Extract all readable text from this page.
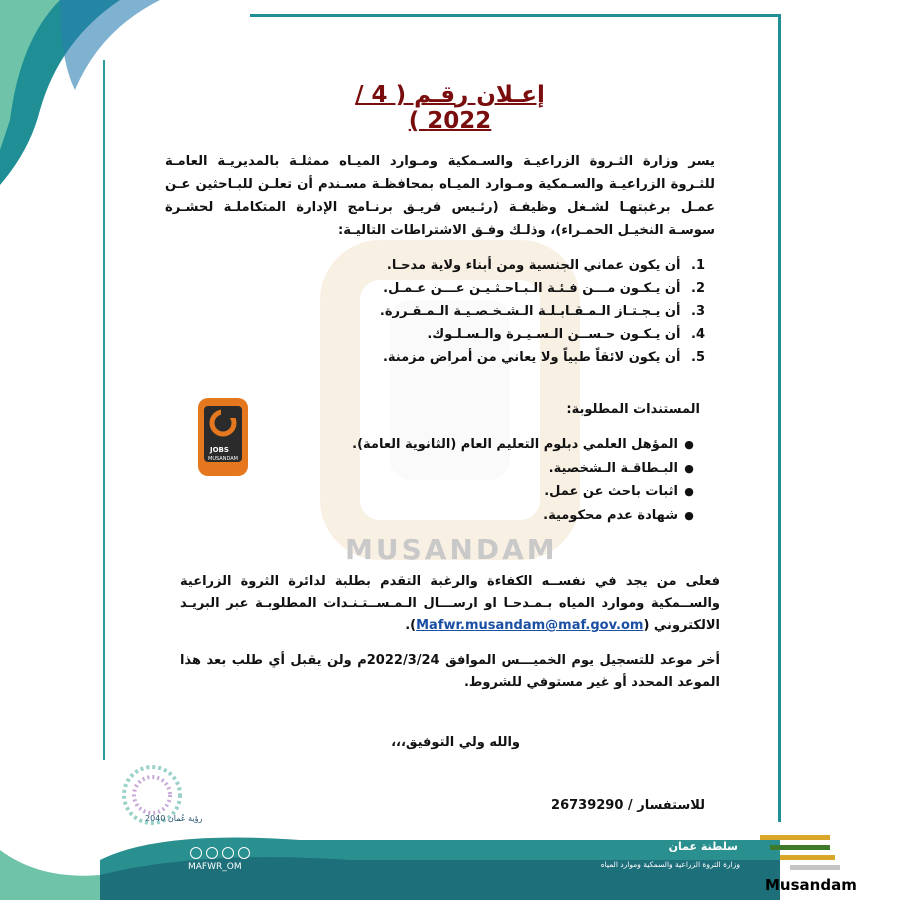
MUSANDAM
إعـلان رقـم ( 4 / 2022 )
يسر وزارة الثـروة الزراعيـة والسـمكية ومـوارد الميـاه ممثلـة بالمديريـة العامـة للثـروة الزراعيـة والسـمكية ومـوارد الميـاه بمحافظـة مسـندم أن تعلـن للبـاحثين عـن عمـل برغبتهـا لشـغل وظيفـة (رئـيس فريـق برنـامج الإدارة المتكاملـة لحشـرة سوسـة النخيـل الحمـراء)، وذلـك وفـق الاشتراطات التاليـة:
1. أن يكون عماني الجنسية ومن أبناء ولاية مدحـا.
2. أن يـكـون مـــن فـئـة الـبـاحـثـيـن عـــن عـمـل.
3. أن يـجـتـاز الـمـقـابـلـة الـشـخـصـيـة الـمـقـررة.
4. أن يـكـون حـســن الـسـيـرة والـسـلـوك.
5. أن يكون لائقاً طبياً ولا يعاني من أمراض مزمنة.
JOBS
MUSANDAM
المستندات المطلوبة:
●المؤهل العلمي دبلوم التعليم العام (الثانوية العامة).
●البـطاقـة الـشخصية.
●اثبات باحث عن عمل.
●شهادة عدم محكومية.
فعلى من يجد في نفســه الكفاءة والرغبة التقدم بطلبة لدائرة الثروة الزراعية والســمكية وموارد المياه بـمـدحـا او ارســـال الـمـســتـنـدات المطلوبـة عبر البريـد الالكتروني (Mafwr.musandam@maf.gov.om).
أخر موعد للتسجيل يوم الخميـــس الموافق 2022/3/24م ولن يقبل أي طلب بعد هذا الموعد المحدد أو غير مستوفي للشروط.
والله ولي التوفيق،،،
للاستفسار / 26739290
رؤية عُمان 2040
MAFWR_OM
سلطنة عمان
وزارة الثروة الزراعية والسمكية وموارد المياه
Musandam
